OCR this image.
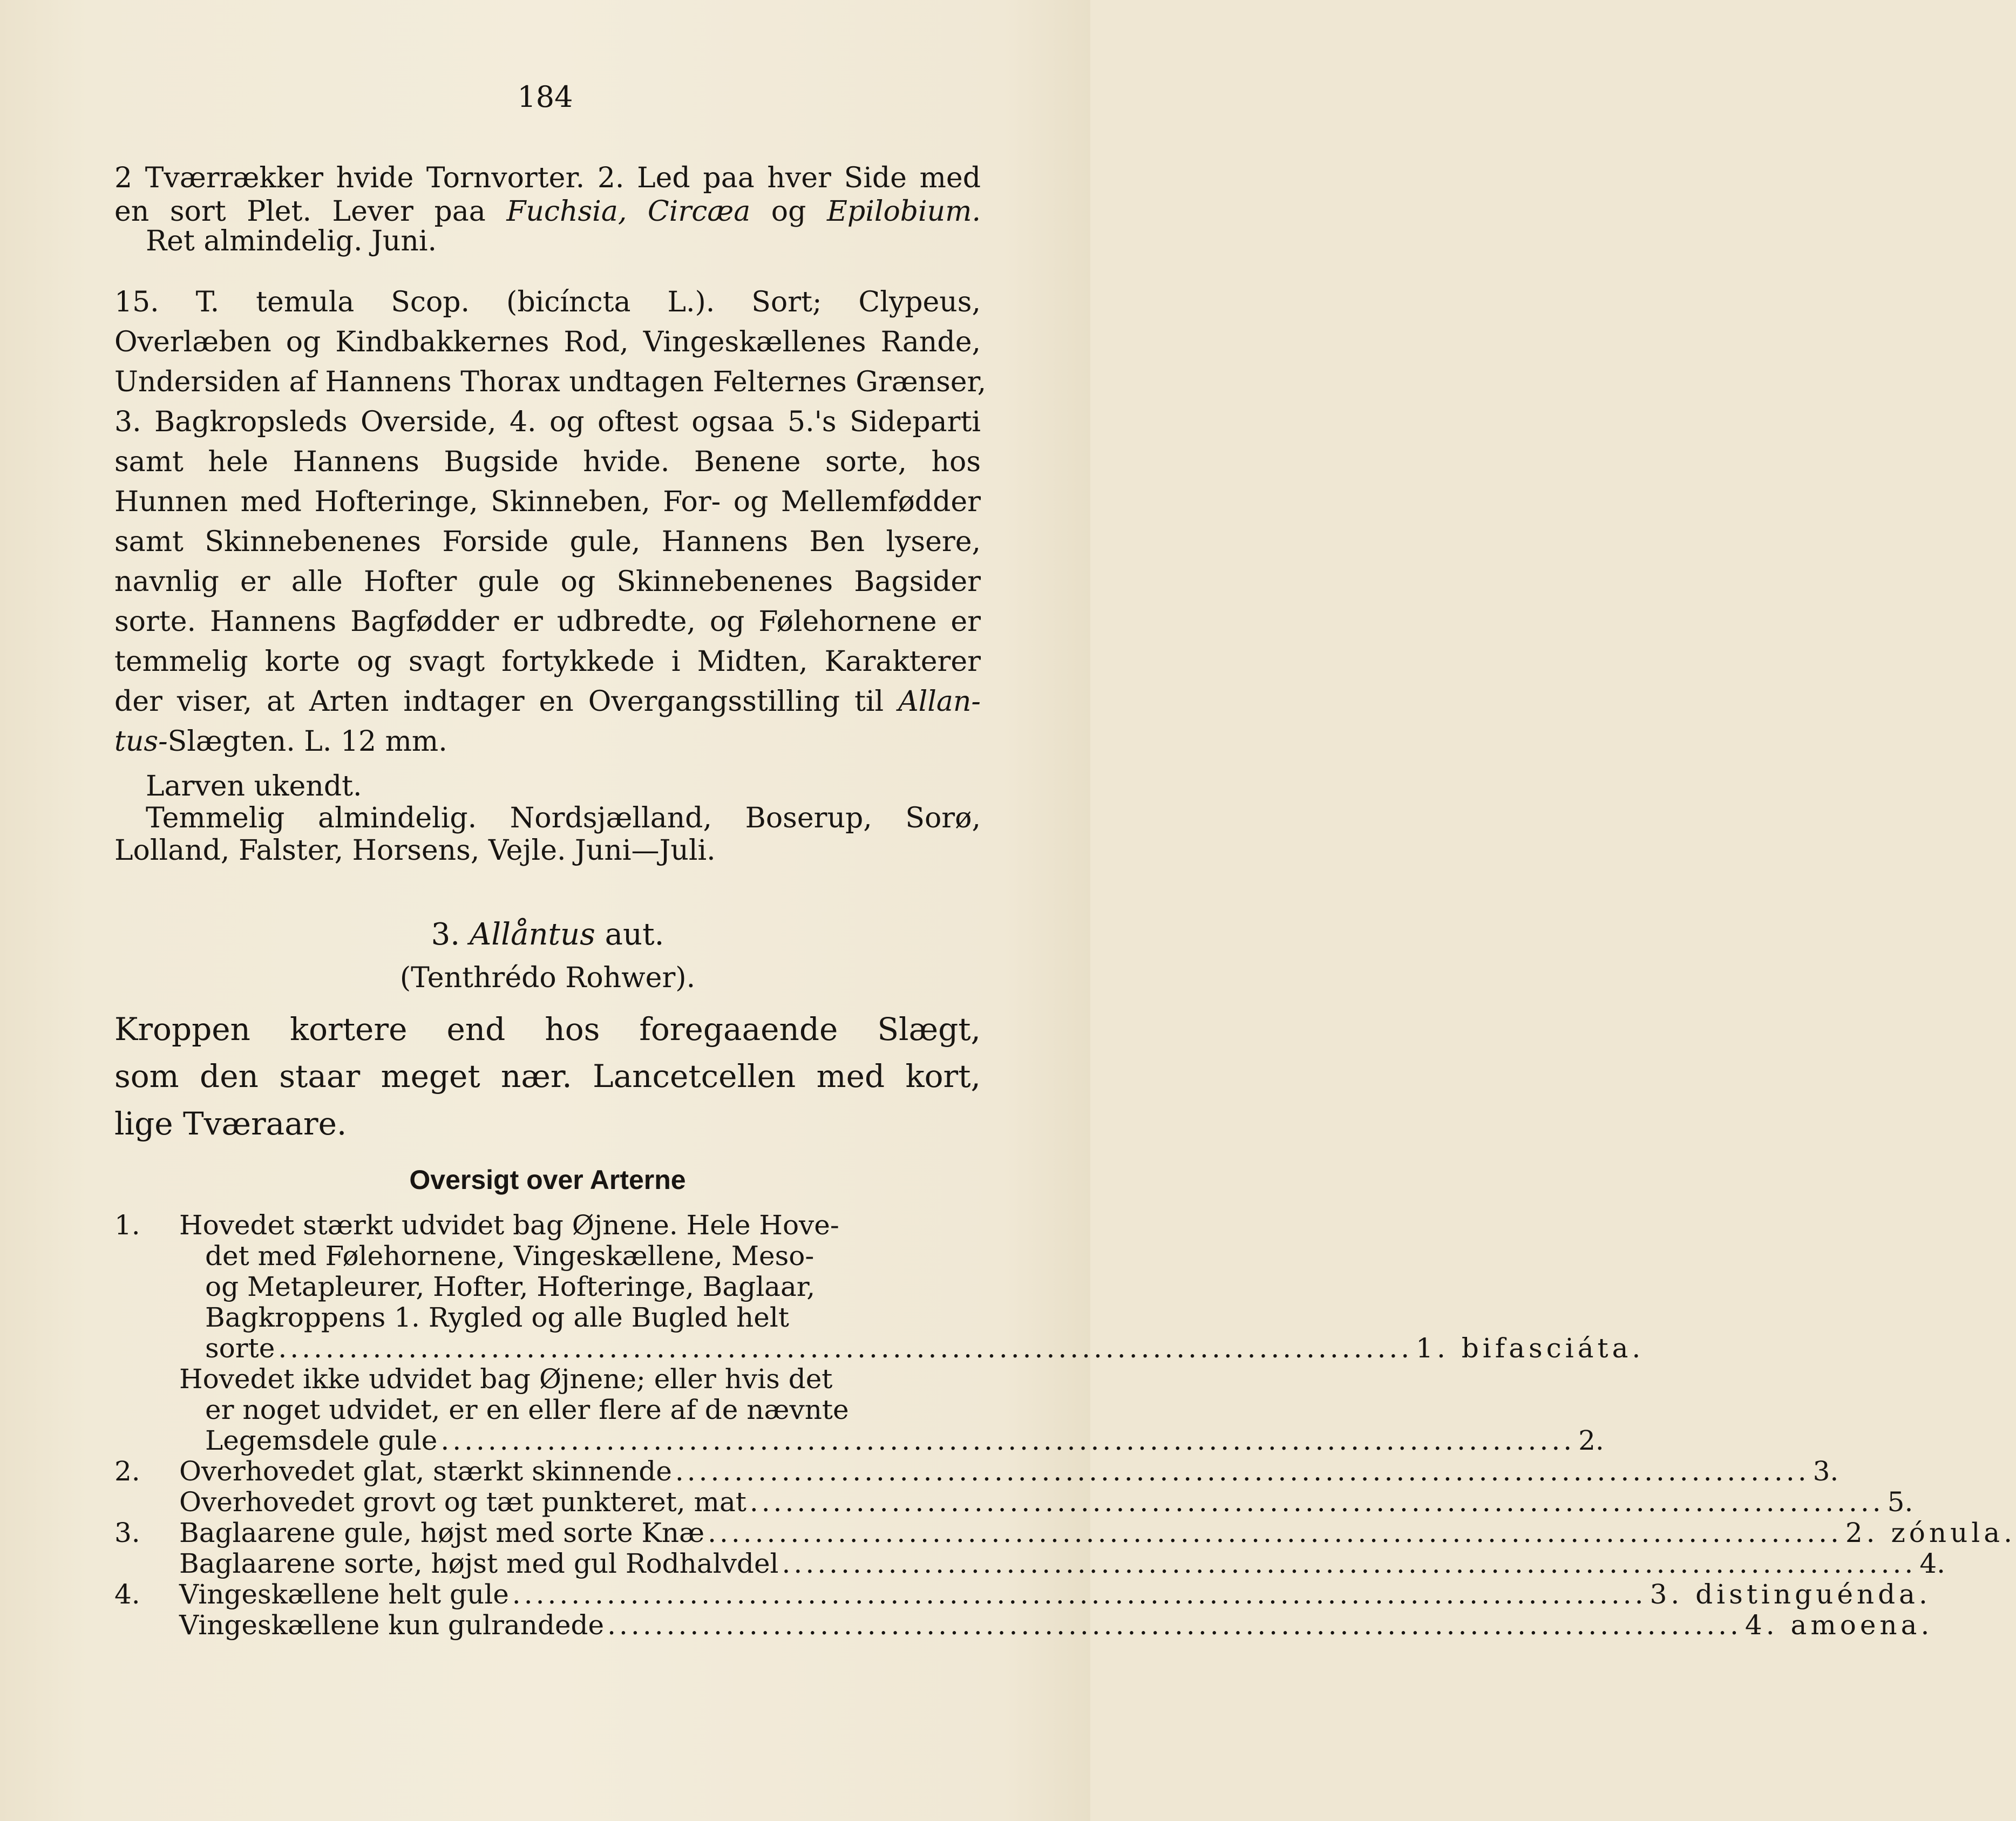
184
2 Tværrækker hvide Tornvorter. 2. Led paa hver Side med
en sort Plet. Lever paa Fuchsia, Circæa og Epilobium.
Ret almindelig. Juni.
15. T. temula Scop. (bicíncta L.). Sort; Clypeus,
Overlæben og Kindbakkernes Rod, Vingeskællenes Rande,
Undersiden af Hannens Thorax undtagen Felternes Grænser,
3. Bagkropsleds Overside, 4. og oftest ogsaa 5.'s Sideparti
samt hele Hannens Bugside hvide. Benene sorte, hos
Hunnen med Hofteringe, Skinneben, For- og Mellemfødder
samt Skinnebenenes Forside gule, Hannens Ben lysere,
navnlig er alle Hofter gule og Skinnebenenes Bagsider
sorte. Hannens Bagfødder er udbredte, og Følehornene er
temmelig korte og svagt fortykkede i Midten, Karakterer
der viser, at Arten indtager en Overgangsstilling til Allan-
tus-Slægten. L. 12 mm.
Larven ukendt.
Temmelig almindelig. Nordsjælland, Boserup, Sorø,
Lolland, Falster, Horsens, Vejle. Juni—Juli.
3. Allåntus aut.
(Tenthrédo Rohwer).
Kroppen kortere end hos foregaaende Slægt,
som den staar meget nær. Lancetcellen med kort,
lige Tværaare.
Oversigt over Arterne
1. Hovedet stærkt udvidet bag Øjnene. Hele Hove-
det med Følehornene, Vingeskællene, Meso-
og Metapleurer, Hofter, Hofteringe, Baglaar,
Bagkroppens 1. Rygled og alle Bugled helt
sorte ................................................................................................ 1. bifasciáta.
Hovedet ikke udvidet bag Øjnene; eller hvis det
er noget udvidet, er en eller flere af de nævnte
Legemsdele gule ................................................................................................ 2.
2. Overhovedet glat, stærkt skinnende ................................................................................................ 3.
Overhovedet grovt og tæt punkteret, mat ................................................................................................ 5.
3. Baglaarene gule, højst med sorte Knæ ................................................................................................ 2. zónula.
Baglaarene sorte, højst med gul Rodhalvdel ................................................................................................ 4.
4. Vingeskællene helt gule ................................................................................................ 3. distinguénda.
Vingeskællene kun gulrandede ................................................................................................ 4. amoena.
